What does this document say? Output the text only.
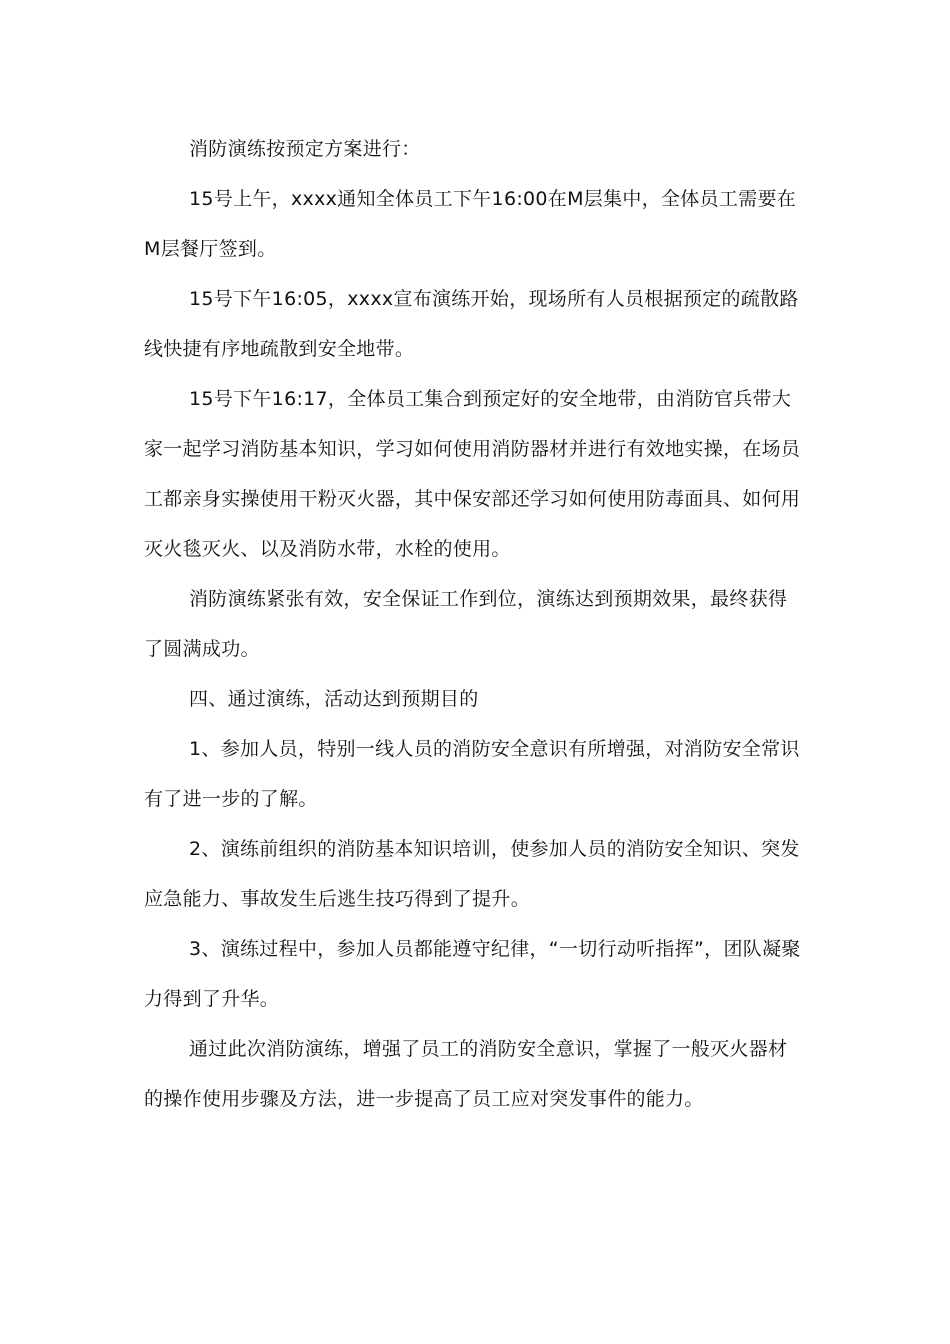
消防演练按预定方案进行：

15号上午，xxxx通知全体员工下午16:00在M层集中，全体员工需要在M层餐厅签到。

15号下午16:05，xxxx宣布演练开始，现场所有人员根据预定的疏散路线快捷有序地疏散到安全地带。

15号下午16:17，全体员工集合到预定好的安全地带，由消防官兵带大家一起学习消防基本知识，学习如何使用消防器材并进行有效地实操，在场员工都亲身实操使用干粉灭火器，其中保安部还学习如何使用防毒面具、如何用灭火毯灭火、以及消防水带，水栓的使用。

消防演练紧张有效，安全保证工作到位，演练达到预期效果，最终获得了圆满成功。

四、通过演练，活动达到预期目的

1、参加人员，特别一线人员的消防安全意识有所增强，对消防安全常识有了进一步的了解。

2、演练前组织的消防基本知识培训，使参加人员的消防安全知识、突发应急能力、事故发生后逃生技巧得到了提升。

3、演练过程中，参加人员都能遵守纪律，“一切行动听指挥”，团队凝聚力得到了升华。

通过此次消防演练，增强了员工的消防安全意识，掌握了一般灭火器材的操作使用步骤及方法，进一步提高了员工应对突发事件的能力。
